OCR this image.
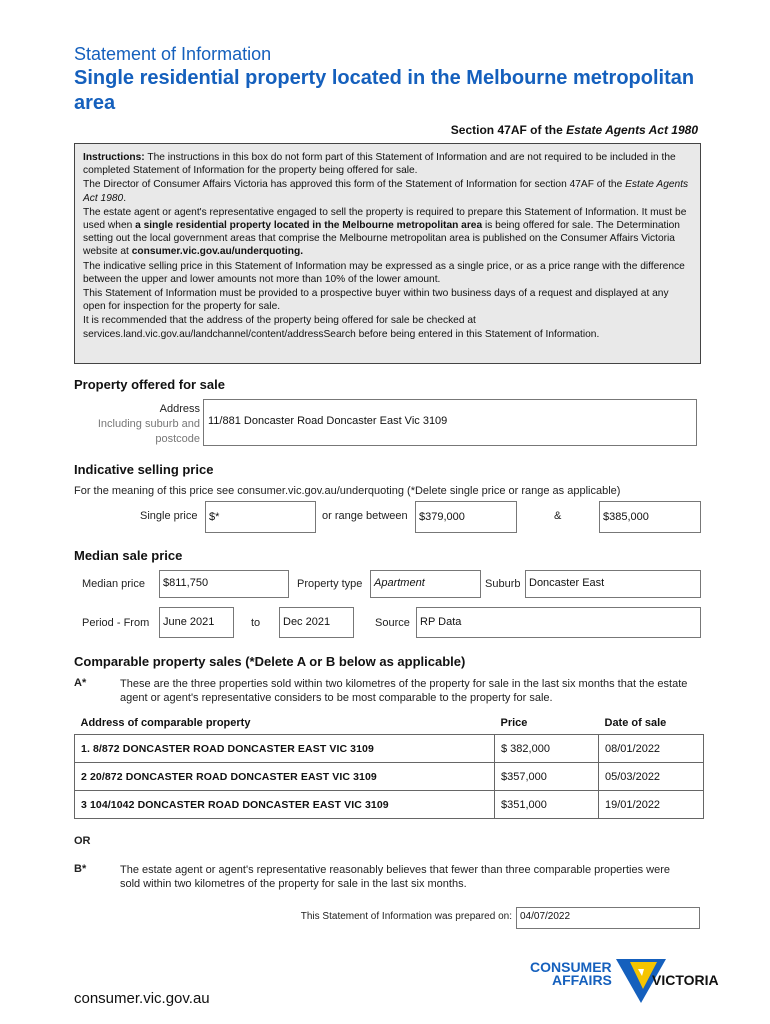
Statement of Information
Single residential property located in the Melbourne metropolitan area
Section 47AF of the Estate Agents Act 1980

Instructions: The instructions in this box do not form part of this Statement of Information and are not required to be included in the completed Statement of Information for the property being offered for sale.

The Director of Consumer Affairs Victoria has approved this form of the Statement of Information for section 47AF of the Estate Agents Act 1980.

The estate agent or agent's representative engaged to sell the property is required to prepare this Statement of Information. It must be used when a single residential property located in the Melbourne metropolitan area is being offered for sale. The Determination setting out the local government areas that comprise the Melbourne metropolitan area is published on the Consumer Affairs Victoria website at consumer.vic.gov.au/underquoting.

The indicative selling price in this Statement of Information may be expressed as a single price, or as a price range with the difference between the upper and lower amounts not more than 10% of the lower amount.

This Statement of Information must be provided to a prospective buyer within two business days of a request and displayed at any open for inspection for the property for sale.

It is recommended that the address of the property being offered for sale be checked at services.land.vic.gov.au/landchannel/content/addressSearch before being entered in this Statement of Information.

Property offered for sale
Address
Including suburb and
postcode
11/881 Doncaster Road Doncaster East Vic 3109
Indicative selling price
For the meaning of this price see consumer.vic.gov.au/underquoting (*Delete single price or range as applicable)
Single price	$*	or range between	$379,000	&	$385,000
Median sale price
Median price	$811,750	Property type	Apartment	Suburb Doncaster East
Period - From	June 2021	to	Dec 2021	Source RP Data
Comparable property sales (*Delete A or B below as applicable)
A*	These are the three properties sold within two kilometres of the property for sale in the last six months that the estate agent or agent's representative considers to be most comparable to the property for sale.
Address of comparable property	Price	Date of sale
1. 8/872 DONCASTER ROAD DONCASTER EAST VIC 3109	$ 382,000	08/01/2022
2 20/872 DONCASTER ROAD DONCASTER EAST VIC 3109	$357,000	05/03/2022
3 104/1042 DONCASTER ROAD DONCASTER EAST VIC 3109	$351,000	19/01/2022
OR
B*	The estate agent or agent's representative reasonably believes that fewer than three comparable properties were sold within two kilometres of the property for sale in the last six months.
This Statement of Information was prepared on: 04/07/2022
CONSUMER
AFFAIRS	VICTORIA
consumer.vic.gov.au
